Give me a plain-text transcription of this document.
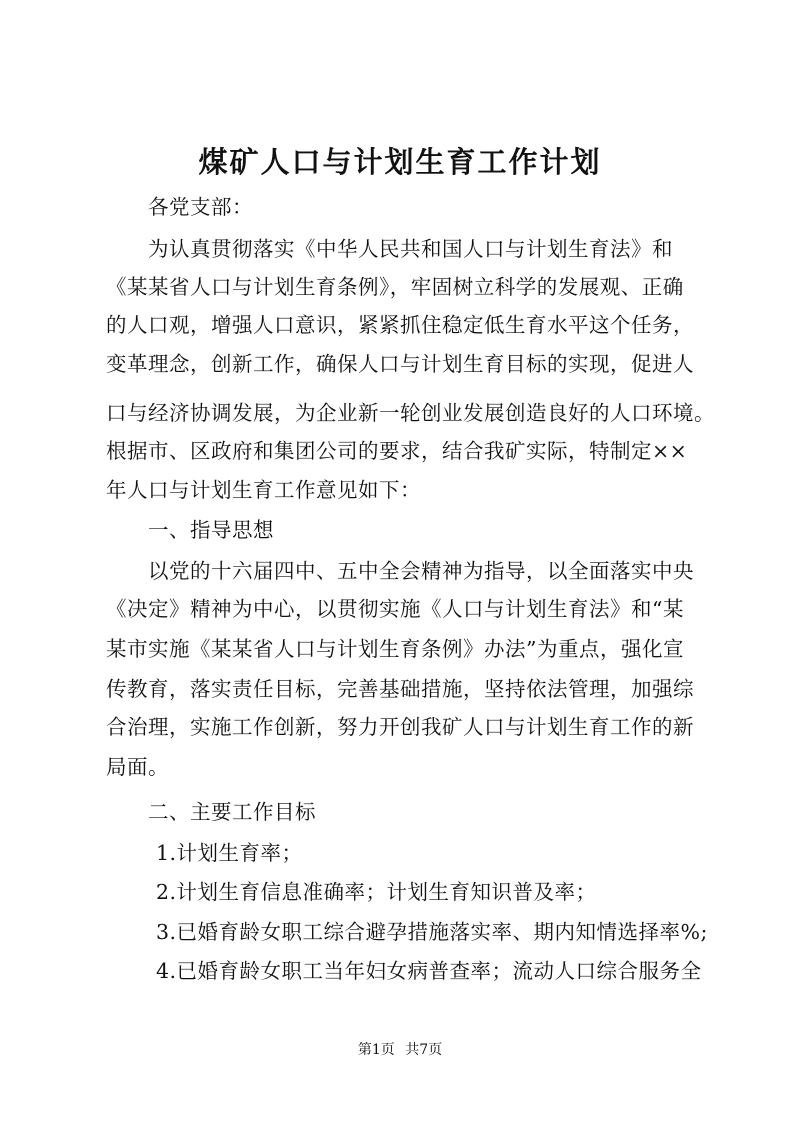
煤矿人口与计划生育工作计划
各党支部：
为认真贯彻落实《中华人民共和国人口与计划生育法》和
《某某省人口与计划生育条例》，牢固树立科学的发展观、正确
的人口观，增强人口意识，紧紧抓住稳定低生育水平这个任务，
变革理念，创新工作，确保人口与计划生育目标的实现，促进人
口与经济协调发展，为企业新一轮创业发展创造良好的人口环境。
根据市、区政府和集团公司的要求，结合我矿实际，特制定××
年人口与计划生育工作意见如下：
一、指导思想
以党的十六届四中、五中全会精神为指导，以全面落实中央
《决定》精神为中心，以贯彻实施《人口与计划生育法》和“某
某市实施《某某省人口与计划生育条例》办法”为重点，强化宣
传教育，落实责任目标，完善基础措施，坚持依法管理，加强综
合治理，实施工作创新，努力开创我矿人口与计划生育工作的新
局面。
二、主要工作目标
1.计划生育率；
2.计划生育信息准确率；计划生育知识普及率；
3.已婚育龄女职工综合避孕措施落实率、期内知情选择率%;
4.已婚育龄女职工当年妇女病普查率；流动人口综合服务全
第1页 共7页
